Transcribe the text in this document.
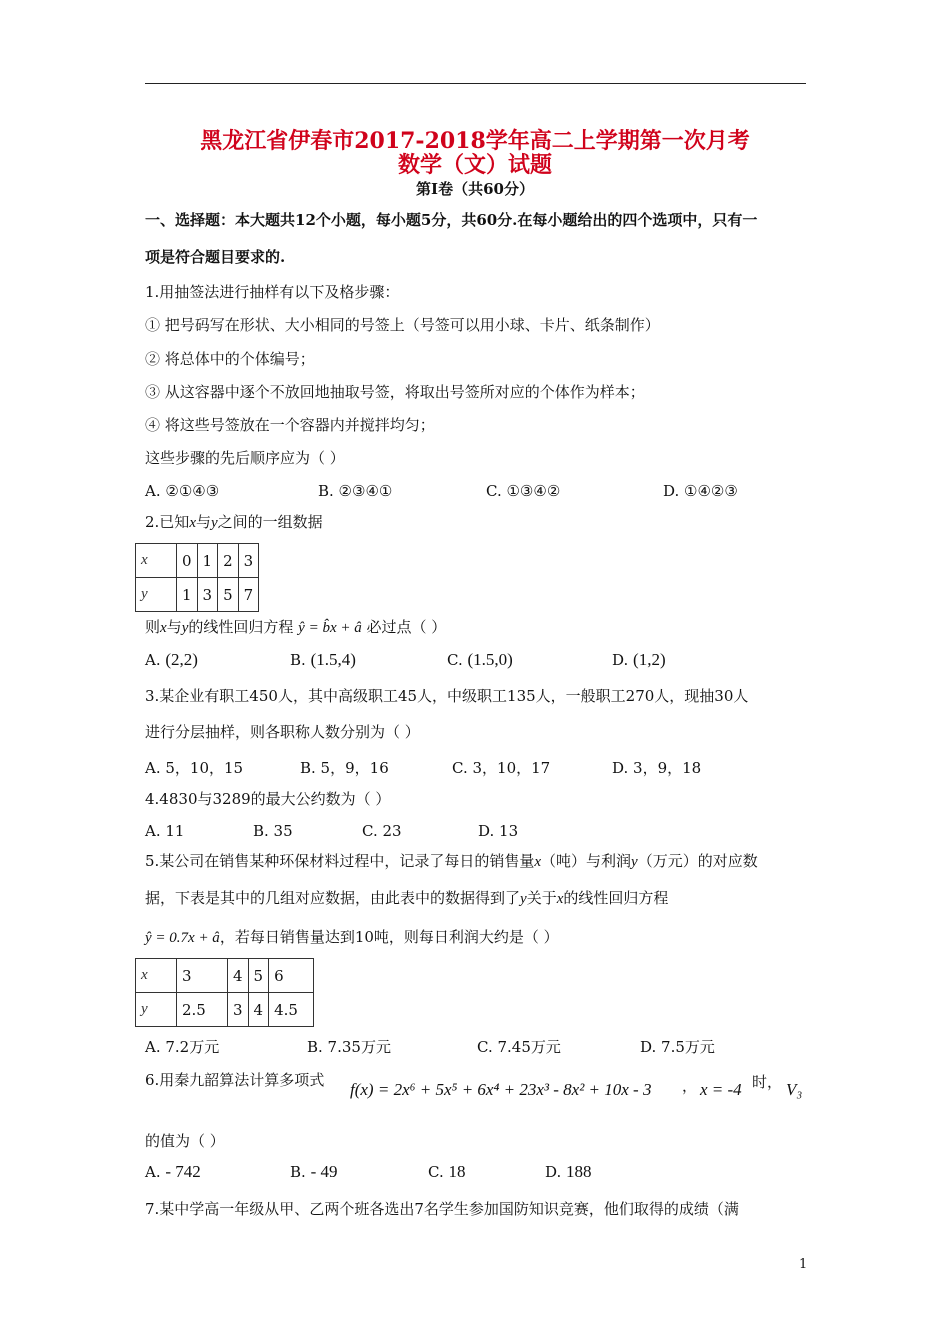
黑龙江省伊春市2017-2018学年高二上学期第一次月考
数学（文）试题
第Ⅰ卷（共60分）
一、选择题：本大题共12个小题，每小题5分，共60分.在每小题给出的四个选项中，只有一
项是符合题目要求的.
1.用抽签法进行抽样有以下及格步骤：
① 把号码写在形状、大小相同的号签上（号签可以用小球、卡片、纸条制作）
② 将总体中的个体编号；
③ 从这容器中逐个不放回地抽取号签，将取出号签所对应的个体作为样本；
④ 将这些号签放在一个容器内并搅拌均匀；
这些步骤的先后顺序应为（ ）
A. ②①④③	B. ②③④①	C. ①③④②	D. ①④②③
2.已知x与y之间的一组数据
x	0	1	2	3
y	1	3	5	7
则x与y的线性回归方程 ŷ = b̂x + â 必过点（ ）
A. (2,2)	B. (1.5,4)	C. (1.5,0)	D. (1,2)
3.某企业有职工450人，其中高级职工45人，中级职工135人，一般职工270人，现抽30人
进行分层抽样，则各职称人数分别为（ ）
A. 5，10，15	B. 5，9，16	C. 3，10，17	D. 3，9，18
4.4830与3289的最大公约数为（ ）
A. 11	B. 35	C. 23	D. 13
5.某公司在销售某种环保材料过程中，记录了每日的销售量x（吨）与利润y（万元）的对应数
据，下表是其中的几组对应数据，由此表中的数据得到了y关于x的线性回归方程
ŷ = 0.7x + â，若每日销售量达到10吨，则每日利润大约是（ ）
x	3	4	5	6
y	2.5	3	4	4.5
A. 7.2万元	B. 7.35万元	C. 7.45万元	D. 7.5万元
6.用秦九韶算法计算多项式 f(x) = 2x⁶ + 5x⁵ + 6x⁴ + 23x³ - 8x² + 10x - 3 ， x = -4 时， V₃
的值为（ ）
A. - 742	B. - 49	C. 18	D. 188
7.某中学高一年级从甲、乙两个班各选出7名学生参加国防知识竞赛，他们取得的成绩（满
1
